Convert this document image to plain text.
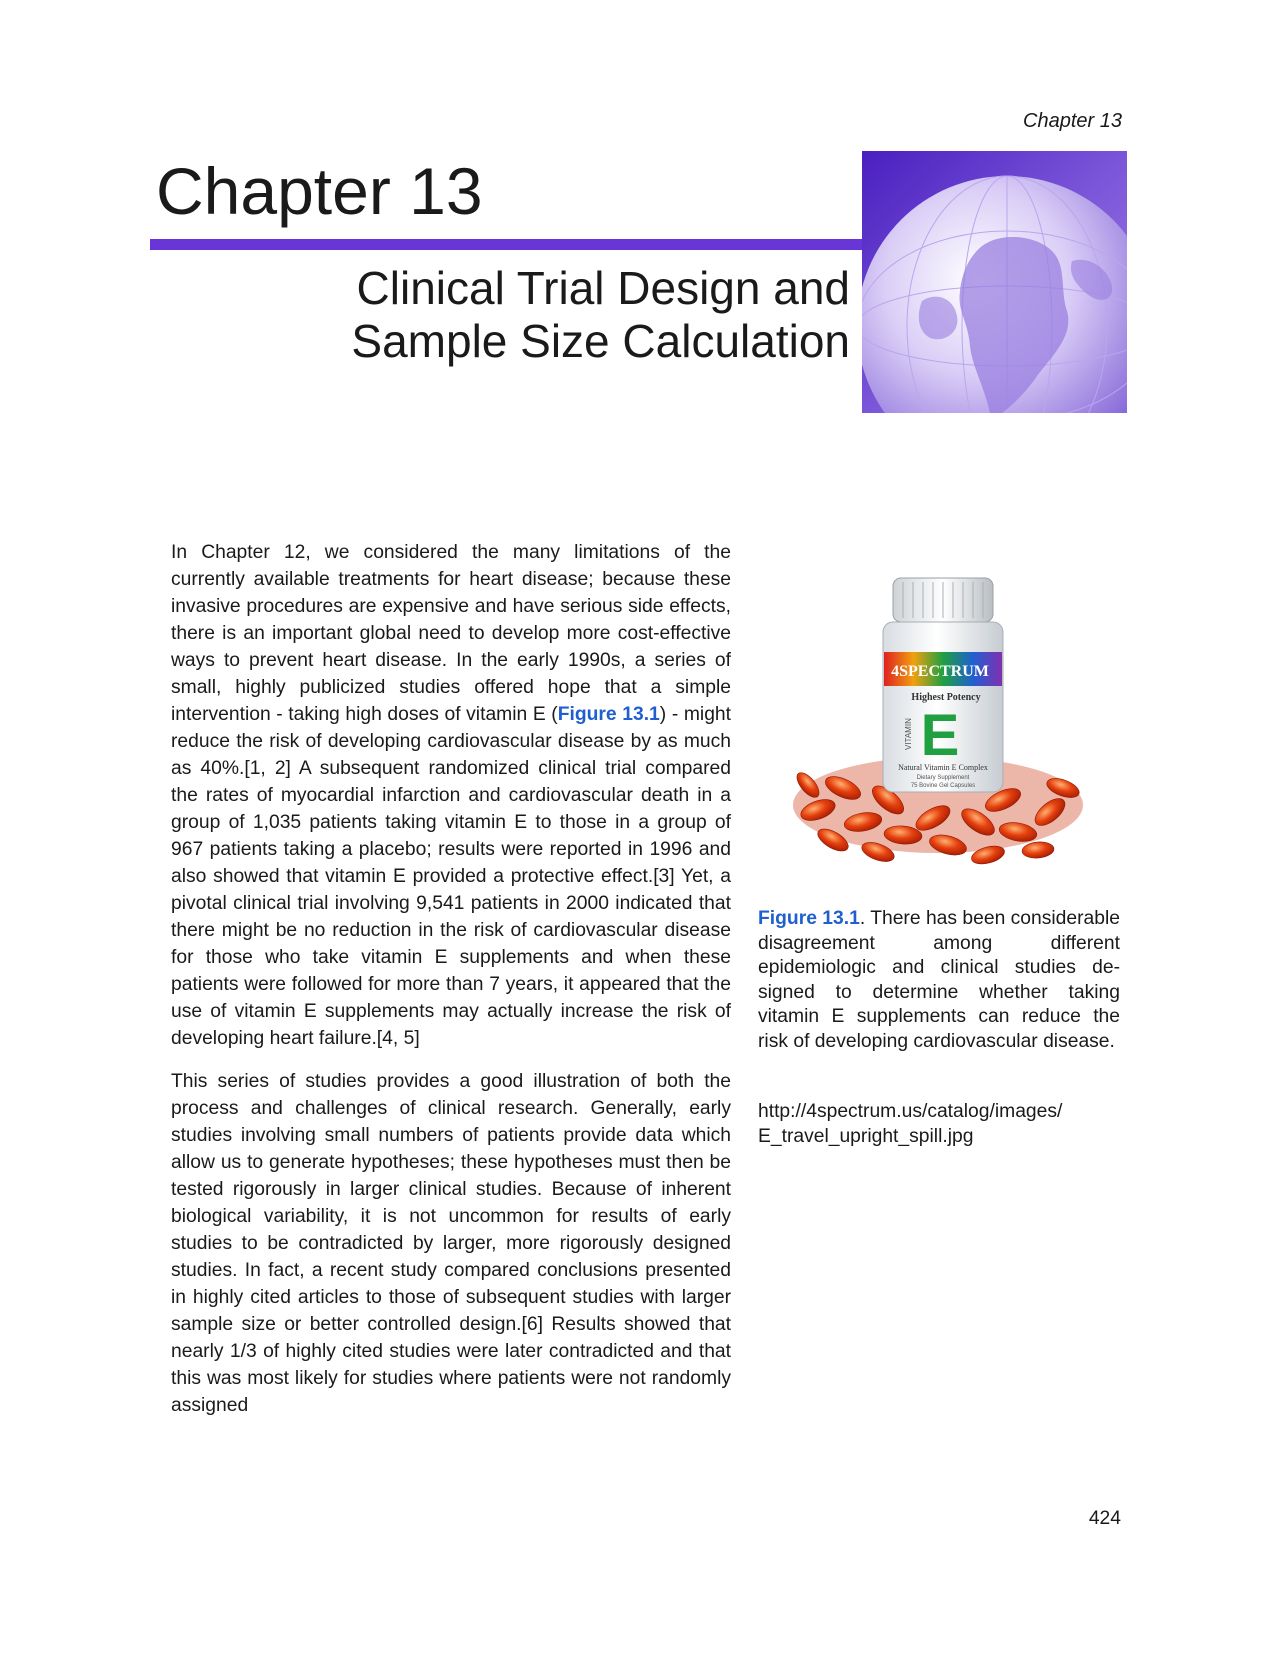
Chapter 13
Chapter 13
Clinical Trial Design and
Sample Size Calculation

In Chapter 12, we considered the many limitations of the currently available treatments for heart disease; because these invasive procedures are expensive and have serious side effects, there is an important global need to develop more cost-effective ways to prevent heart disease. In the early 1990s, a series of small, highly publicized studies offered hope that a simple intervention - taking high doses of vitamin E (Figure 13.1) - might reduce the risk of developing cardiovascular disease by as much as 40%.[1, 2] A subsequent randomized clinical trial compared the rates of myocardial infarction and cardiovascular death in a group of 1,035 patients taking vitamin E to those in a group of 967 patients taking a placebo; results were reported in 1996 and also showed that vitamin E provided a protective effect.[3] Yet, a pivotal clinical trial involving 9,541 patients in 2000 indicated that there might be no reduction in the risk of cardiovascular disease for those who take vitamin E supplements and when these patients were followed for more than 7 years, it appeared that the use of vitamin E supplements may actually increase the risk of developing heart failure.[4, 5]

This series of studies provides a good illustration of both the process and challenges of clinical research. Generally, early studies involving small numbers of patients provide data which allow us to generate hypotheses; these hypotheses must then be tested rigorously in larger clinical studies. Because of inherent biological variability, it is not uncommon for results of early studies to be contradicted by larger, more rigorously designed studies. In fact, a recent study compared conclusions presented in highly cited articles to those of subsequent studies with larger sample size or better controlled design.[6] Results showed that nearly 1/3 of highly cited studies were later contradicted and that this was most likely for studies where patients were not randomly assigned

4SPECTRUM
Highest Potency
E
VITAMIN
Natural Vitamin E Complex
Dietary Supplement
75 Bovine Gel Capsules
Figure 13.1. There has been considerable disagreement among different epidemiologic and clinical studies designed to determine whether taking vitamin E supplements can reduce the risk of developing cardiovascular disease.
http://4spectrum.us/catalog/images/
E_travel_upright_spill.jpg
424
